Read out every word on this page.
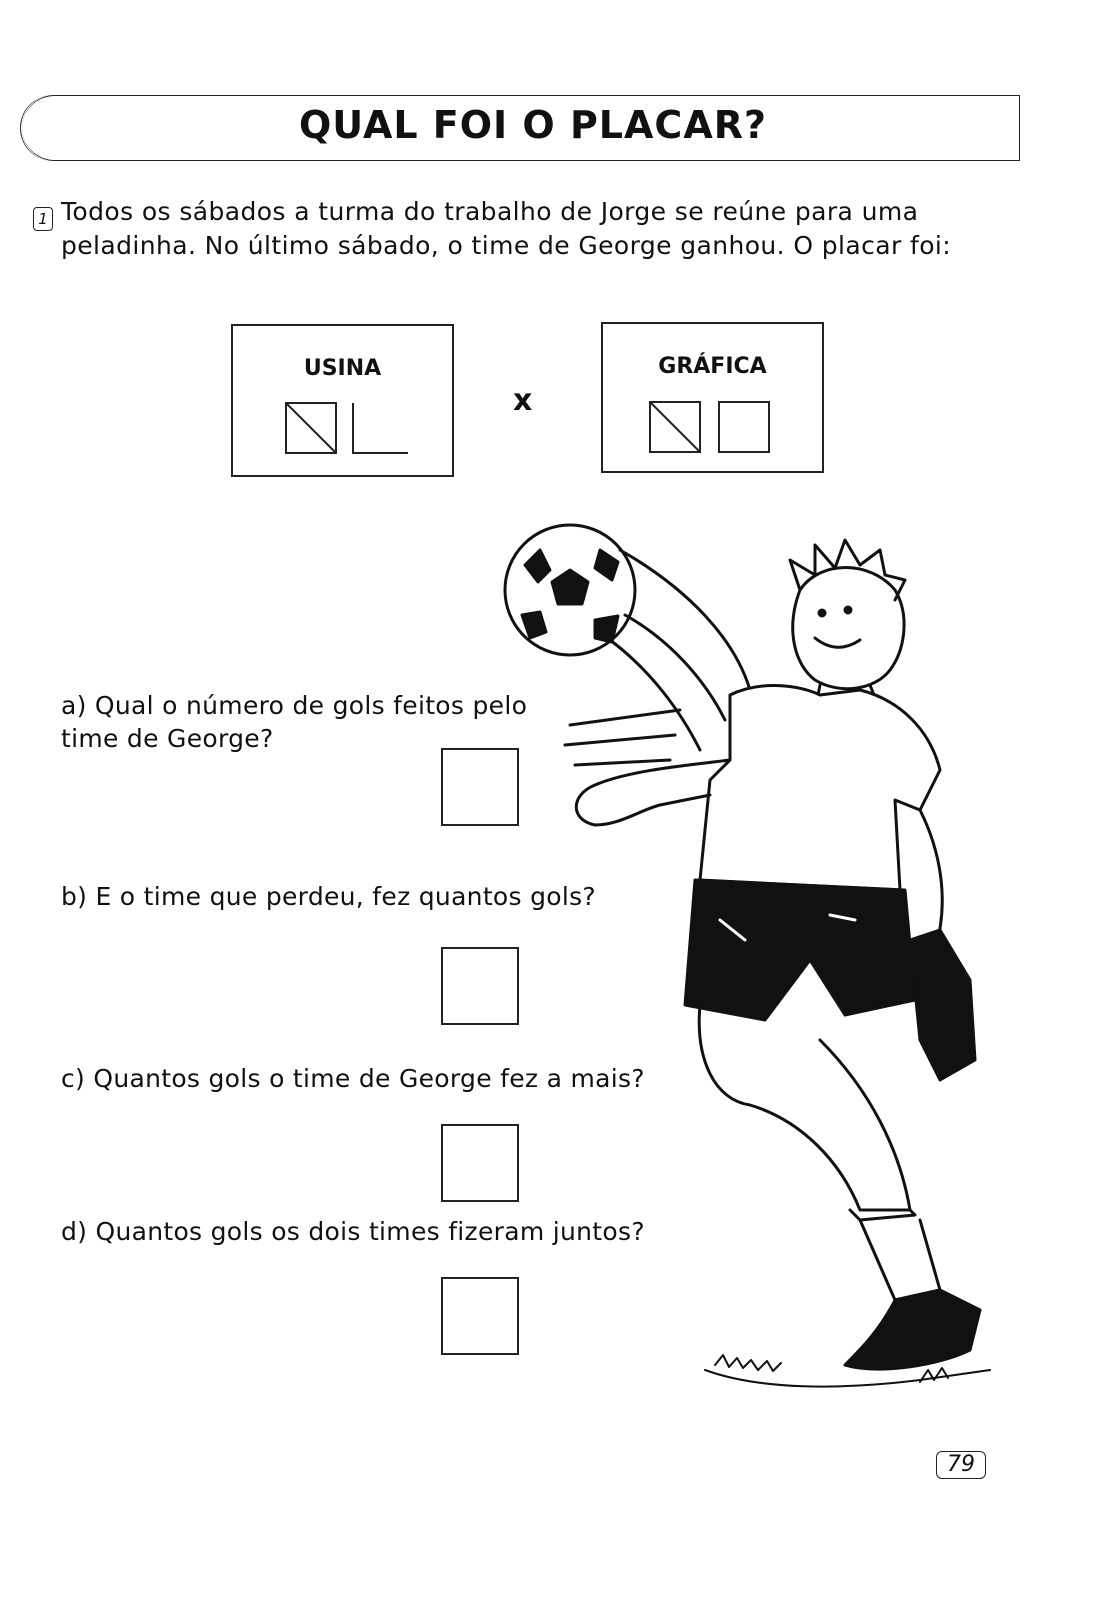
QUAL FOI O PLACAR?
1 Todos os sábados a turma do trabalho de Jorge se reúne para uma
peladinha. No último sábado, o time de George ganhou. O placar foi:
USINA
x
GRÁFICA
a) Qual o número de gols feitos pelo
time de George?
b) E o time que perdeu, fez quantos gols?
c) Quantos gols o time de George fez a mais?
d) Quantos gols os dois times fizeram juntos?
79
